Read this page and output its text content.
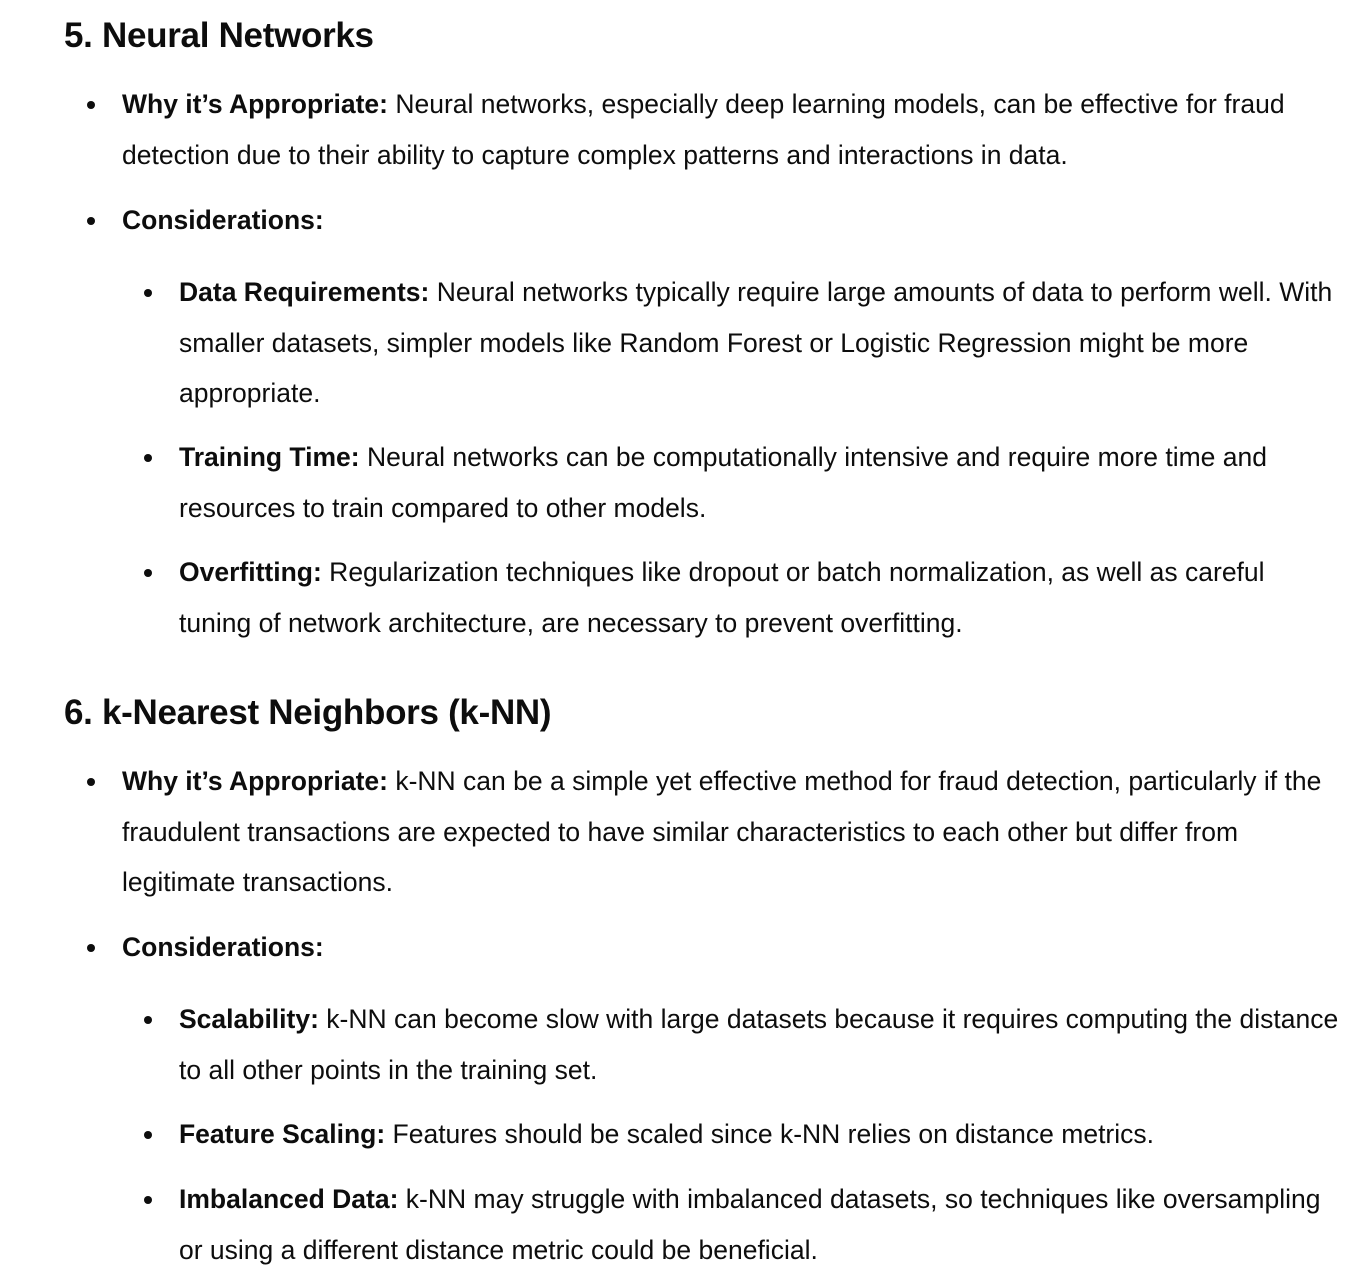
5. Neural Networks
Why it’s Appropriate: Neural networks, especially deep learning models, can be effective for fraud detection due to their ability to capture complex patterns and interactions in data.
Considerations:
Data Requirements: Neural networks typically require large amounts of data to perform well. With smaller datasets, simpler models like Random Forest or Logistic Regression might be more appropriate.
Training Time: Neural networks can be computationally intensive and require more time and resources to train compared to other models.
Overfitting: Regularization techniques like dropout or batch normalization, as well as careful tuning of network architecture, are necessary to prevent overfitting.
6. k-Nearest Neighbors (k-NN)
Why it’s Appropriate: k-NN can be a simple yet effective method for fraud detection, particularly if the fraudulent transactions are expected to have similar characteristics to each other but differ from legitimate transactions.
Considerations:
Scalability: k-NN can become slow with large datasets because it requires computing the distance to all other points in the training set.
Feature Scaling: Features should be scaled since k-NN relies on distance metrics.
Imbalanced Data: k-NN may struggle with imbalanced datasets, so techniques like oversampling or using a different distance metric could be beneficial.
